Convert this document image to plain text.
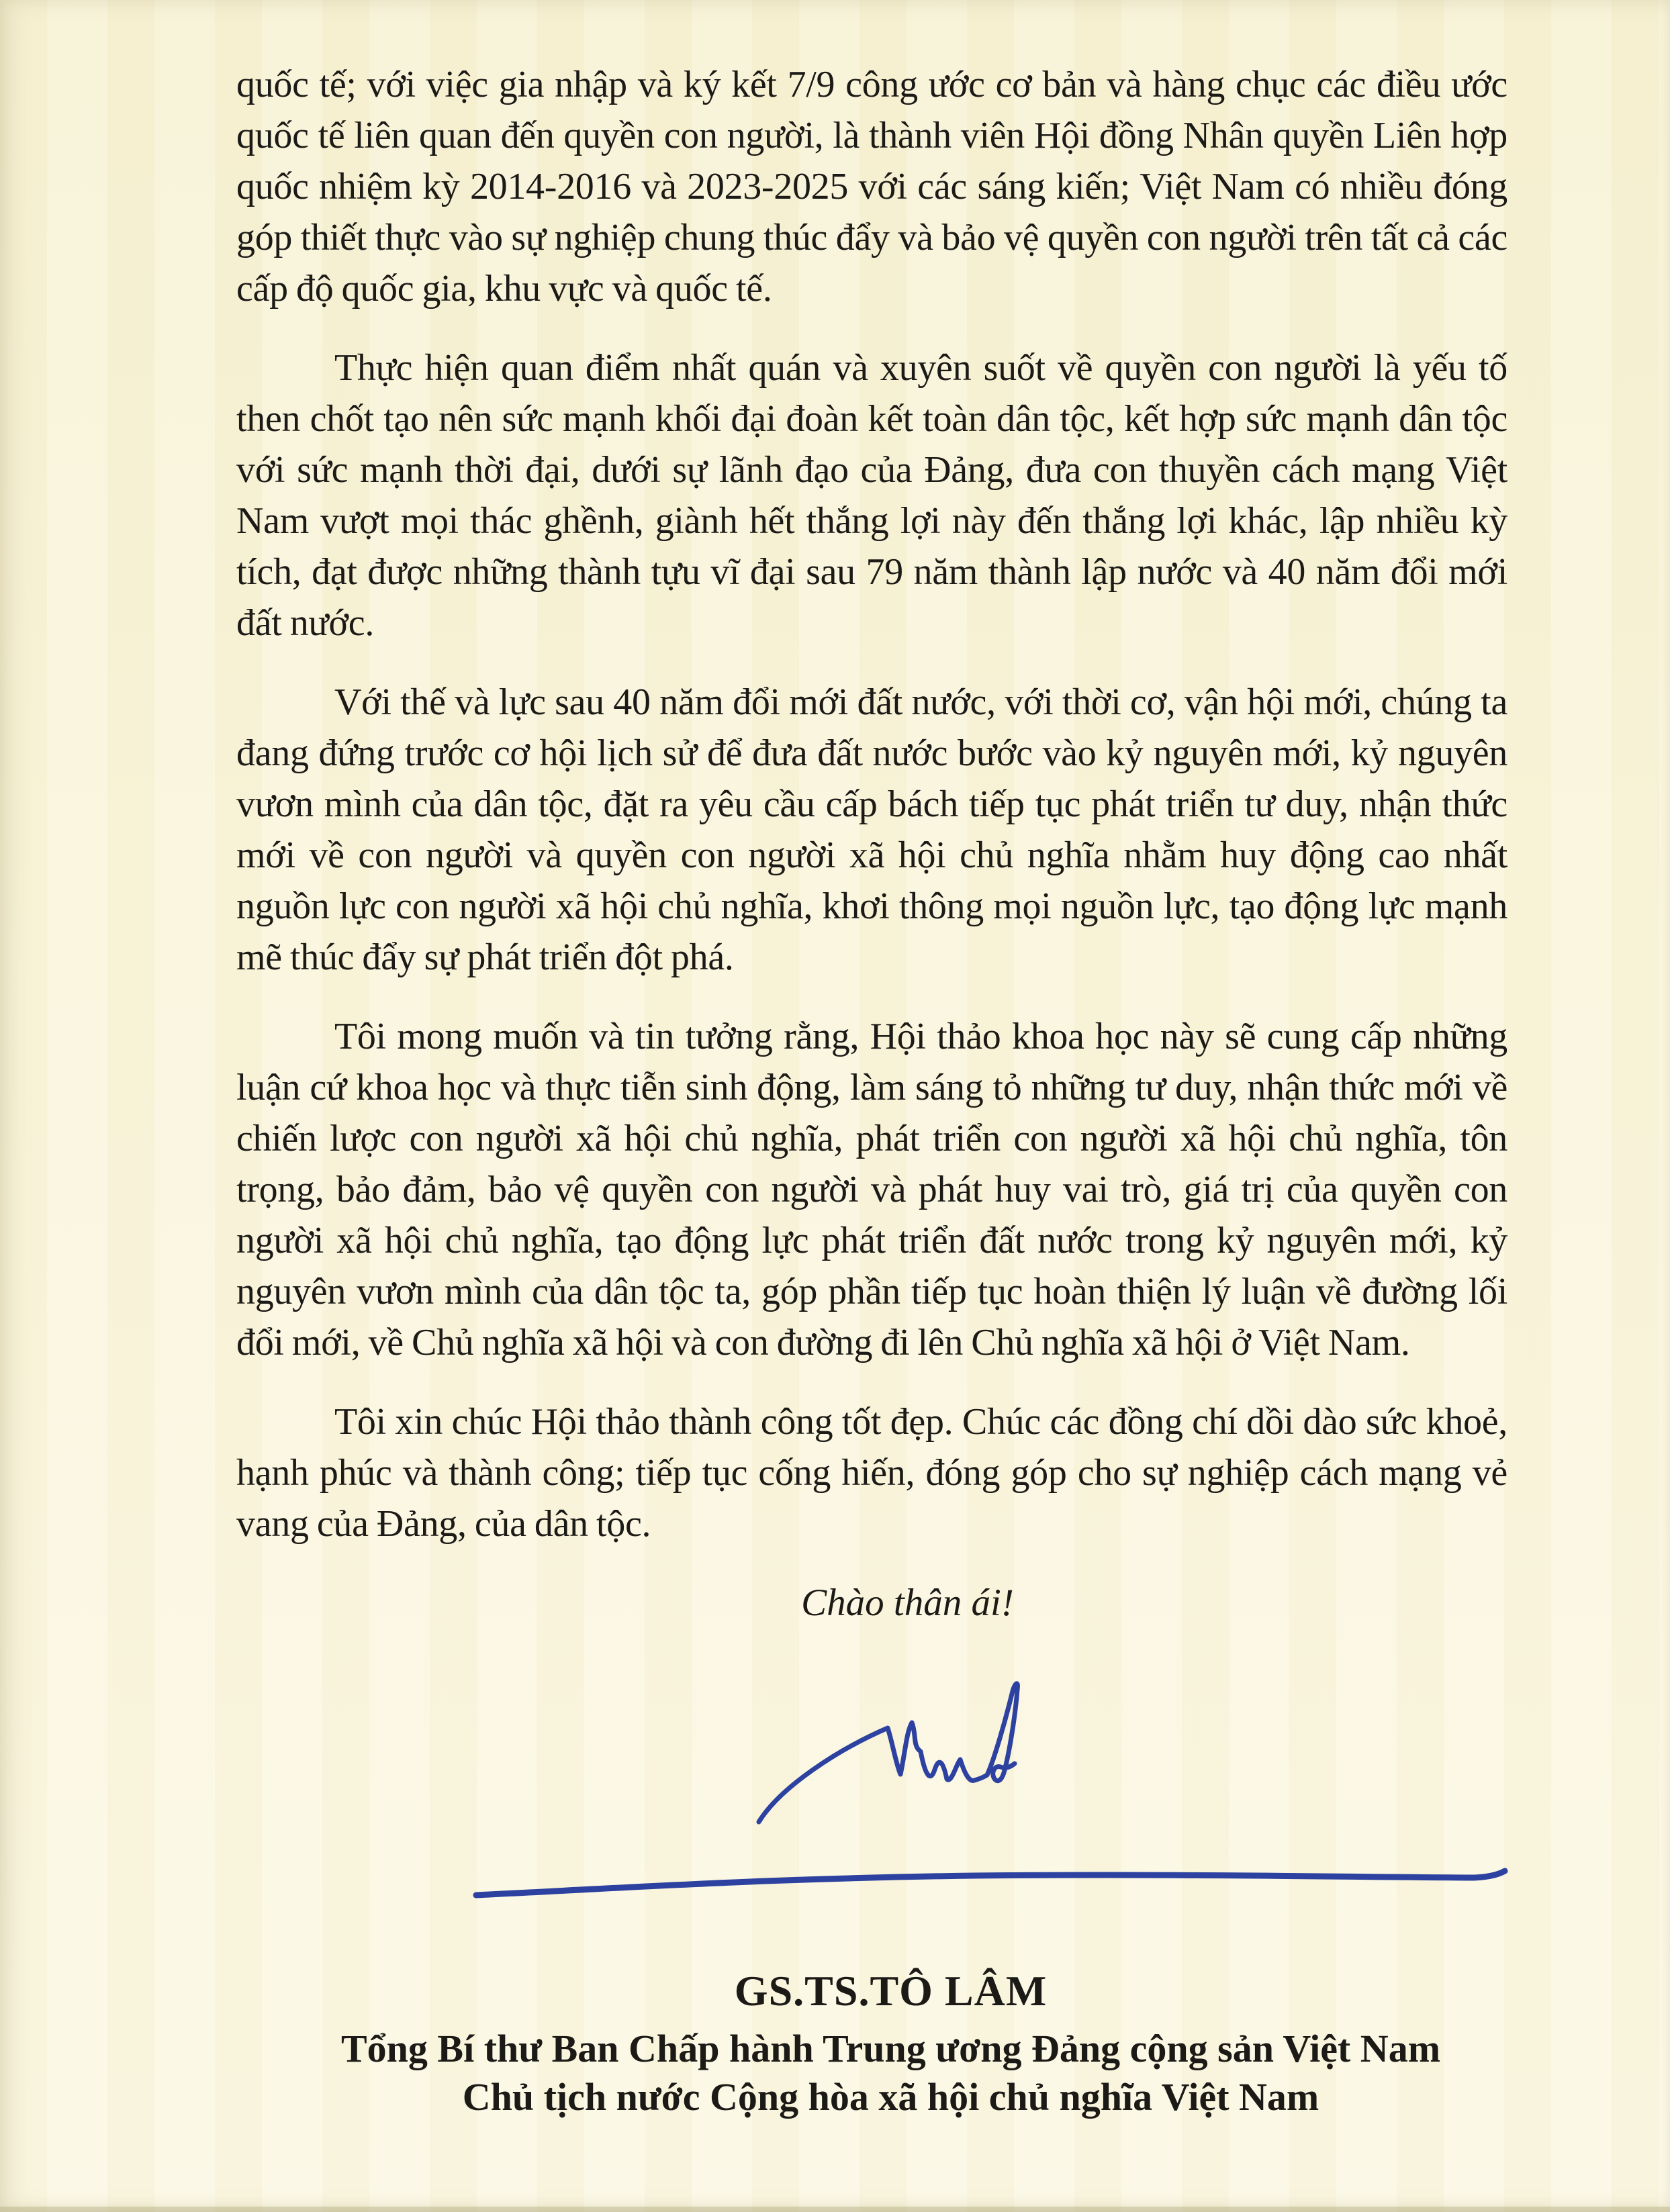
quốc tế; với việc gia nhập và ký kết 7/9 công ước cơ bản và hàng chục các điều ước quốc tế liên quan đến quyền con người, là thành viên Hội đồng Nhân quyền Liên hợp quốc nhiệm kỳ 2014-2016 và 2023-2025 với các sáng kiến; Việt Nam có nhiều đóng góp thiết thực vào sự nghiệp chung thúc đẩy và bảo vệ quyền con người trên tất cả các cấp độ quốc gia, khu vực và quốc tế.

Thực hiện quan điểm nhất quán và xuyên suốt về quyền con người là yếu tố then chốt tạo nên sức mạnh khối đại đoàn kết toàn dân tộc, kết hợp sức mạnh dân tộc với sức mạnh thời đại, dưới sự lãnh đạo của Đảng, đưa con thuyền cách mạng Việt Nam vượt mọi thác ghềnh, giành hết thắng lợi này đến thắng lợi khác, lập nhiều kỳ tích, đạt được những thành tựu vĩ đại sau 79 năm thành lập nước và 40 năm đổi mới đất nước.

Với thế và lực sau 40 năm đổi mới đất nước, với thời cơ, vận hội mới, chúng ta đang đứng trước cơ hội lịch sử để đưa đất nước bước vào kỷ nguyên mới, kỷ nguyên vươn mình của dân tộc, đặt ra yêu cầu cấp bách tiếp tục phát triển tư duy, nhận thức mới về con người và quyền con người xã hội chủ nghĩa nhằm huy động cao nhất nguồn lực con người xã hội chủ nghĩa, khơi thông mọi nguồn lực, tạo động lực mạnh mẽ thúc đẩy sự phát triển đột phá.

Tôi mong muốn và tin tưởng rằng, Hội thảo khoa học này sẽ cung cấp những luận cứ khoa học và thực tiễn sinh động, làm sáng tỏ những tư duy, nhận thức mới về chiến lược con người xã hội chủ nghĩa, phát triển con người xã hội chủ nghĩa, tôn trọng, bảo đảm, bảo vệ quyền con người và phát huy vai trò, giá trị của quyền con người xã hội chủ nghĩa, tạo động lực phát triển đất nước trong kỷ nguyên mới, kỷ nguyên vươn mình của dân tộc ta, góp phần tiếp tục hoàn thiện lý luận về đường lối đổi mới, về Chủ nghĩa xã hội và con đường đi lên Chủ nghĩa xã hội ở Việt Nam.

Tôi xin chúc Hội thảo thành công tốt đẹp. Chúc các đồng chí dồi dào sức khoẻ, hạnh phúc và thành công; tiếp tục cống hiến, đóng góp cho sự nghiệp cách mạng vẻ vang của Đảng, của dân tộc.

Chào thân ái!

GS.TS.TÔ LÂM
Tổng Bí thư Ban Chấp hành Trung ương Đảng cộng sản Việt Nam
Chủ tịch nước Cộng hòa xã hội chủ nghĩa Việt Nam
